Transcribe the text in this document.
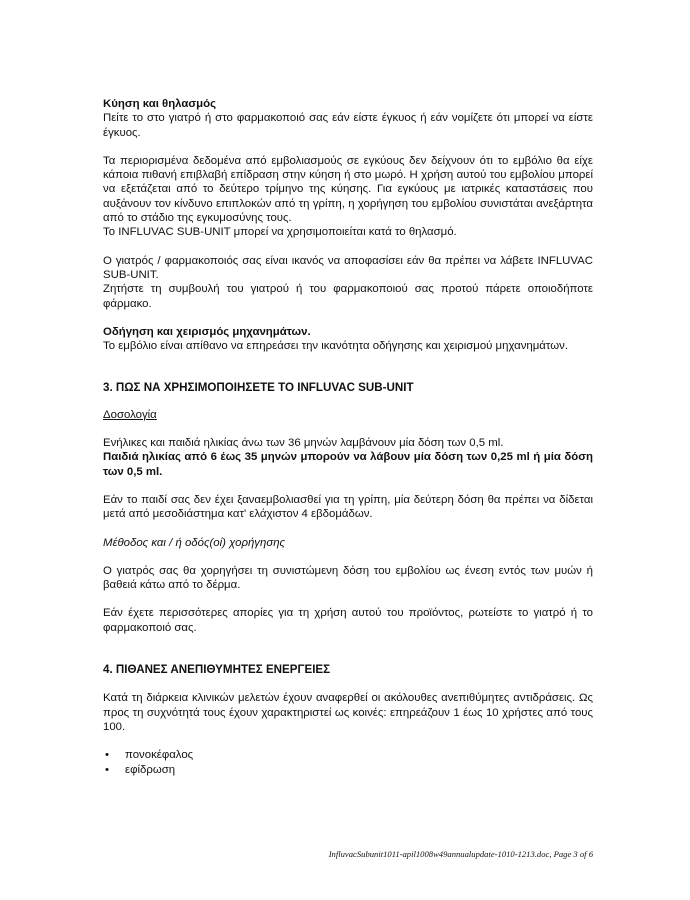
Κύηση και θηλασμός

Πείτε το στο γιατρό ή στο φαρμακοποιό σας εάν είστε έγκυος ή εάν νομίζετε ότι μπορεί να είστε έγκυος.

Τα περιορισμένα δεδομένα από εμβολιασμούς σε εγκύους δεν δείχνουν ότι το εμβόλιο θα είχε κάποια πιθανή επιβλαβή επίδραση στην κύηση ή στο μωρό. Η χρήση αυτού του εμβολίου μπορεί να εξετάζεται από το δεύτερο τρίμηνο της κύησης. Για εγκύους με ιατρικές καταστάσεις που αυξάνουν τον κίνδυνο επιπλοκών από τη γρίπη, η χορήγηση του εμβολίου συνιστάται ανεξάρτητα από το στάδιο της εγκυμοσύνης τους.

Το INFLUVAC SUB-UNIT μπορεί να χρησιμοποιείται κατά το θηλασμό.

Ο γιατρός / φαρμακοποιός σας είναι ικανός να αποφασίσει εάν θα πρέπει να λάβετε INFLUVAC SUB-UNIT.

Ζητήστε τη συμβουλή του γιατρού ή του φαρμακοποιού σας προτού πάρετε οποιοδήποτε φάρμακο.

Οδήγηση και χειρισμός μηχανημάτων.

Το εμβόλιο είναι απίθανο να επηρεάσει την ικανότητα οδήγησης και χειρισμού μηχανημάτων.

3. ΠΩΣ ΝΑ ΧΡΗΣΙΜΟΠΟΙΗΣΕΤΕ ΤΟ INFLUVAC SUB-UNIT

Δοσολογία

Ενήλικες και παιδιά ηλικίας άνω των 36 μηνών λαμβάνουν μία δόση των 0,5 ml.

Παιδιά ηλικίας από 6 έως 35 μηνών μπορούν να λάβουν μία δόση των 0,25 ml ή μία δόση των 0,5 ml.

Εάν το παιδί σας δεν έχει ξαναεμβολιασθεί για τη γρίπη, μία δεύτερη δόση θα πρέπει να δίδεται μετά από μεσοδιάστημα κατ' ελάχιστον 4 εβδομάδων.

Μέθοδος και / ή οδός(οί) χορήγησης

Ο γιατρός σας θα χορηγήσει τη συνιστώμενη δόση του εμβολίου ως ένεση εντός των μυών ή βαθειά κάτω από το δέρμα.

Εάν έχετε περισσότερες απορίες για τη χρήση αυτού του προϊόντος, ρωτείστε το γιατρό ή το φαρμακοποιό σας.

4. ΠΙΘΑΝΕΣ ΑΝΕΠΙΘΥΜΗΤΕΣ ΕΝΕΡΓΕΙΕΣ

Κατά τη διάρκεια κλινικών μελετών έχουν αναφερθεί οι ακόλουθες ανεπιθύμητες αντιδράσεις. Ως προς τη συχνότητά τους έχουν χαρακτηριστεί ως κοινές: επηρεάζουν 1 έως 10 χρήστες από τους 100.

• πονοκέφαλος
• εφίδρωση
InfluvacSubunit1011-apil1008w49annualupdate-1010-1213.doc, Page 3 of 6
